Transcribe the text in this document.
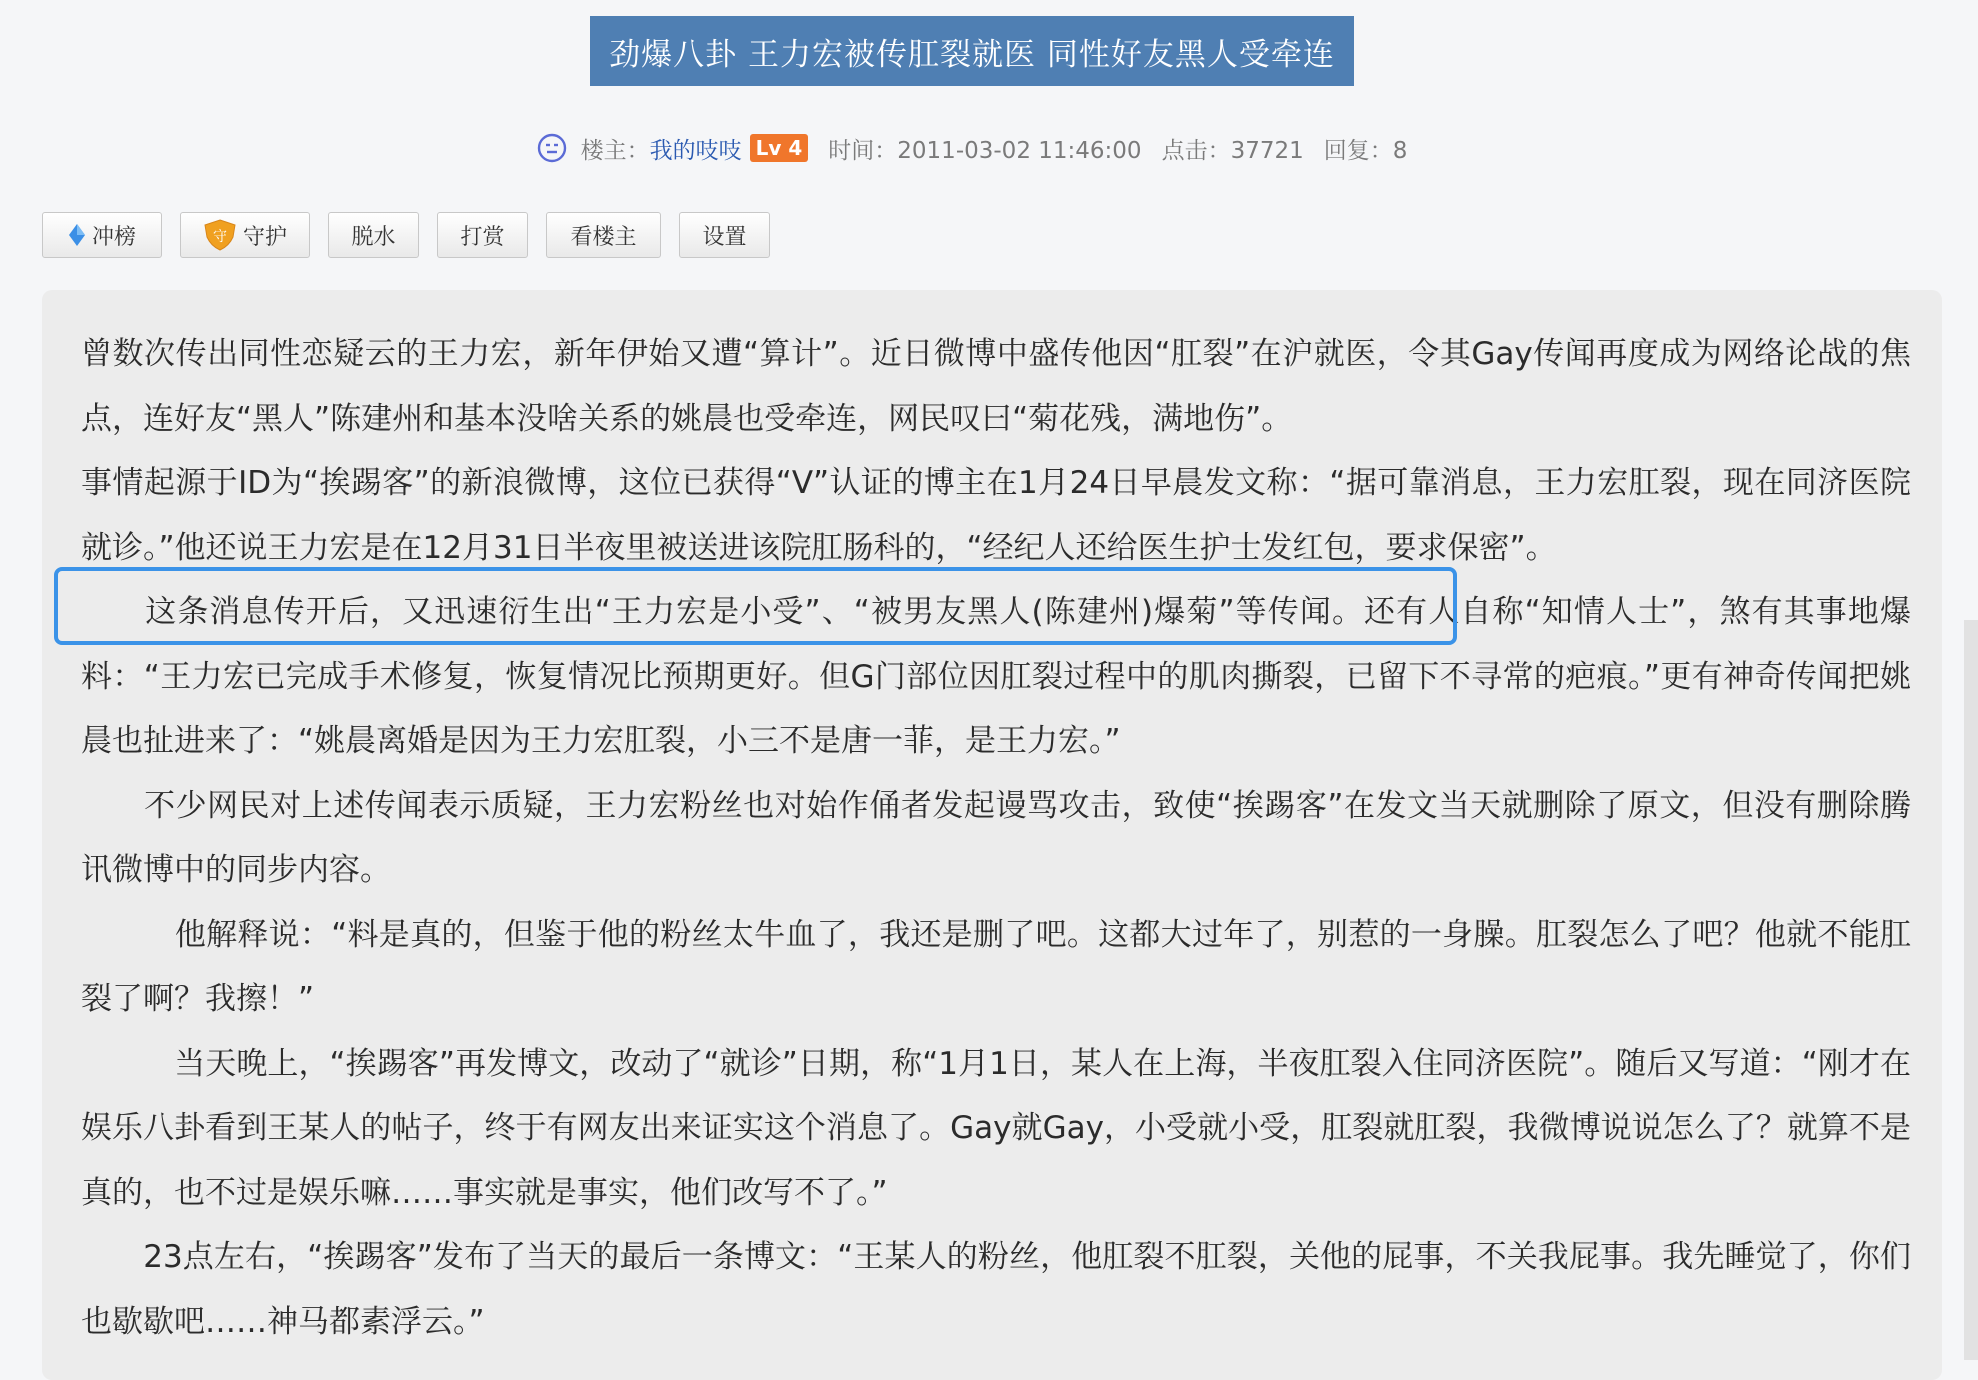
劲爆八卦 王力宏被传肛裂就医 同性好友黑人受牵连
楼主： 我的吱吱 Lv 4 时间：2011-03-02 11:46:00 点击：37721 回复：8
冲榜	守 守护	脱水	打赏	看楼主	设置

曾数次传出同性恋疑云的王力宏，新年伊始又遭“算计”。近日微博中盛传他因“肛裂”在沪就医，令其Gay传闻再度成为网络论战的焦点，连好友“黑人”陈建州和基本没啥关系的姚晨也受牵连，网民叹曰“菊花残，满地伤”。

事情起源于ID为“挨踢客”的新浪微博，这位已获得“V”认证的博主在1月24日早晨发文称：“据可靠消息，王力宏肛裂，现在同济医院就诊。”他还说王力宏是在12月31日半夜里被送进该院肛肠科的，“经纪人还给医生护士发红包，要求保密”。

　　这条消息传开后，又迅速衍生出“王力宏是小受”、“被男友黑人(陈建州)爆菊”等传闻。还有人自称“知情人士”，煞有其事地爆料：“王力宏已完成手术修复，恢复情况比预期更好。但G门部位因肛裂过程中的肌肉撕裂，已留下不寻常的疤痕。”更有神奇传闻把姚晨也扯进来了：“姚晨离婚是因为王力宏肛裂，小三不是唐一菲，是王力宏。”

　　不少网民对上述传闻表示质疑，王力宏粉丝也对始作俑者发起谩骂攻击，致使“挨踢客”在发文当天就删除了原文，但没有删除腾讯微博中的同步内容。

　　　他解释说：“料是真的，但鉴于他的粉丝太牛血了，我还是删了吧。这都大过年了，别惹的一身臊。肛裂怎么了吧？他就不能肛裂了啊？我擦！”

　　　当天晚上，“挨踢客”再发博文，改动了“就诊”日期，称“1月1日，某人在上海，半夜肛裂入住同济医院”。随后又写道：“刚才在娱乐八卦看到王某人的帖子，终于有网友出来证实这个消息了。Gay就Gay，小受就小受，肛裂就肛裂，我微博说说怎么了？就算不是真的，也不过是娱乐嘛……事实就是事实，他们改写不了。”

　　23点左右，“挨踢客”发布了当天的最后一条博文：“王某人的粉丝，他肛裂不肛裂，关他的屁事，不关我屁事。我先睡觉了，你们也歇歇吧……神马都素浮云。”
